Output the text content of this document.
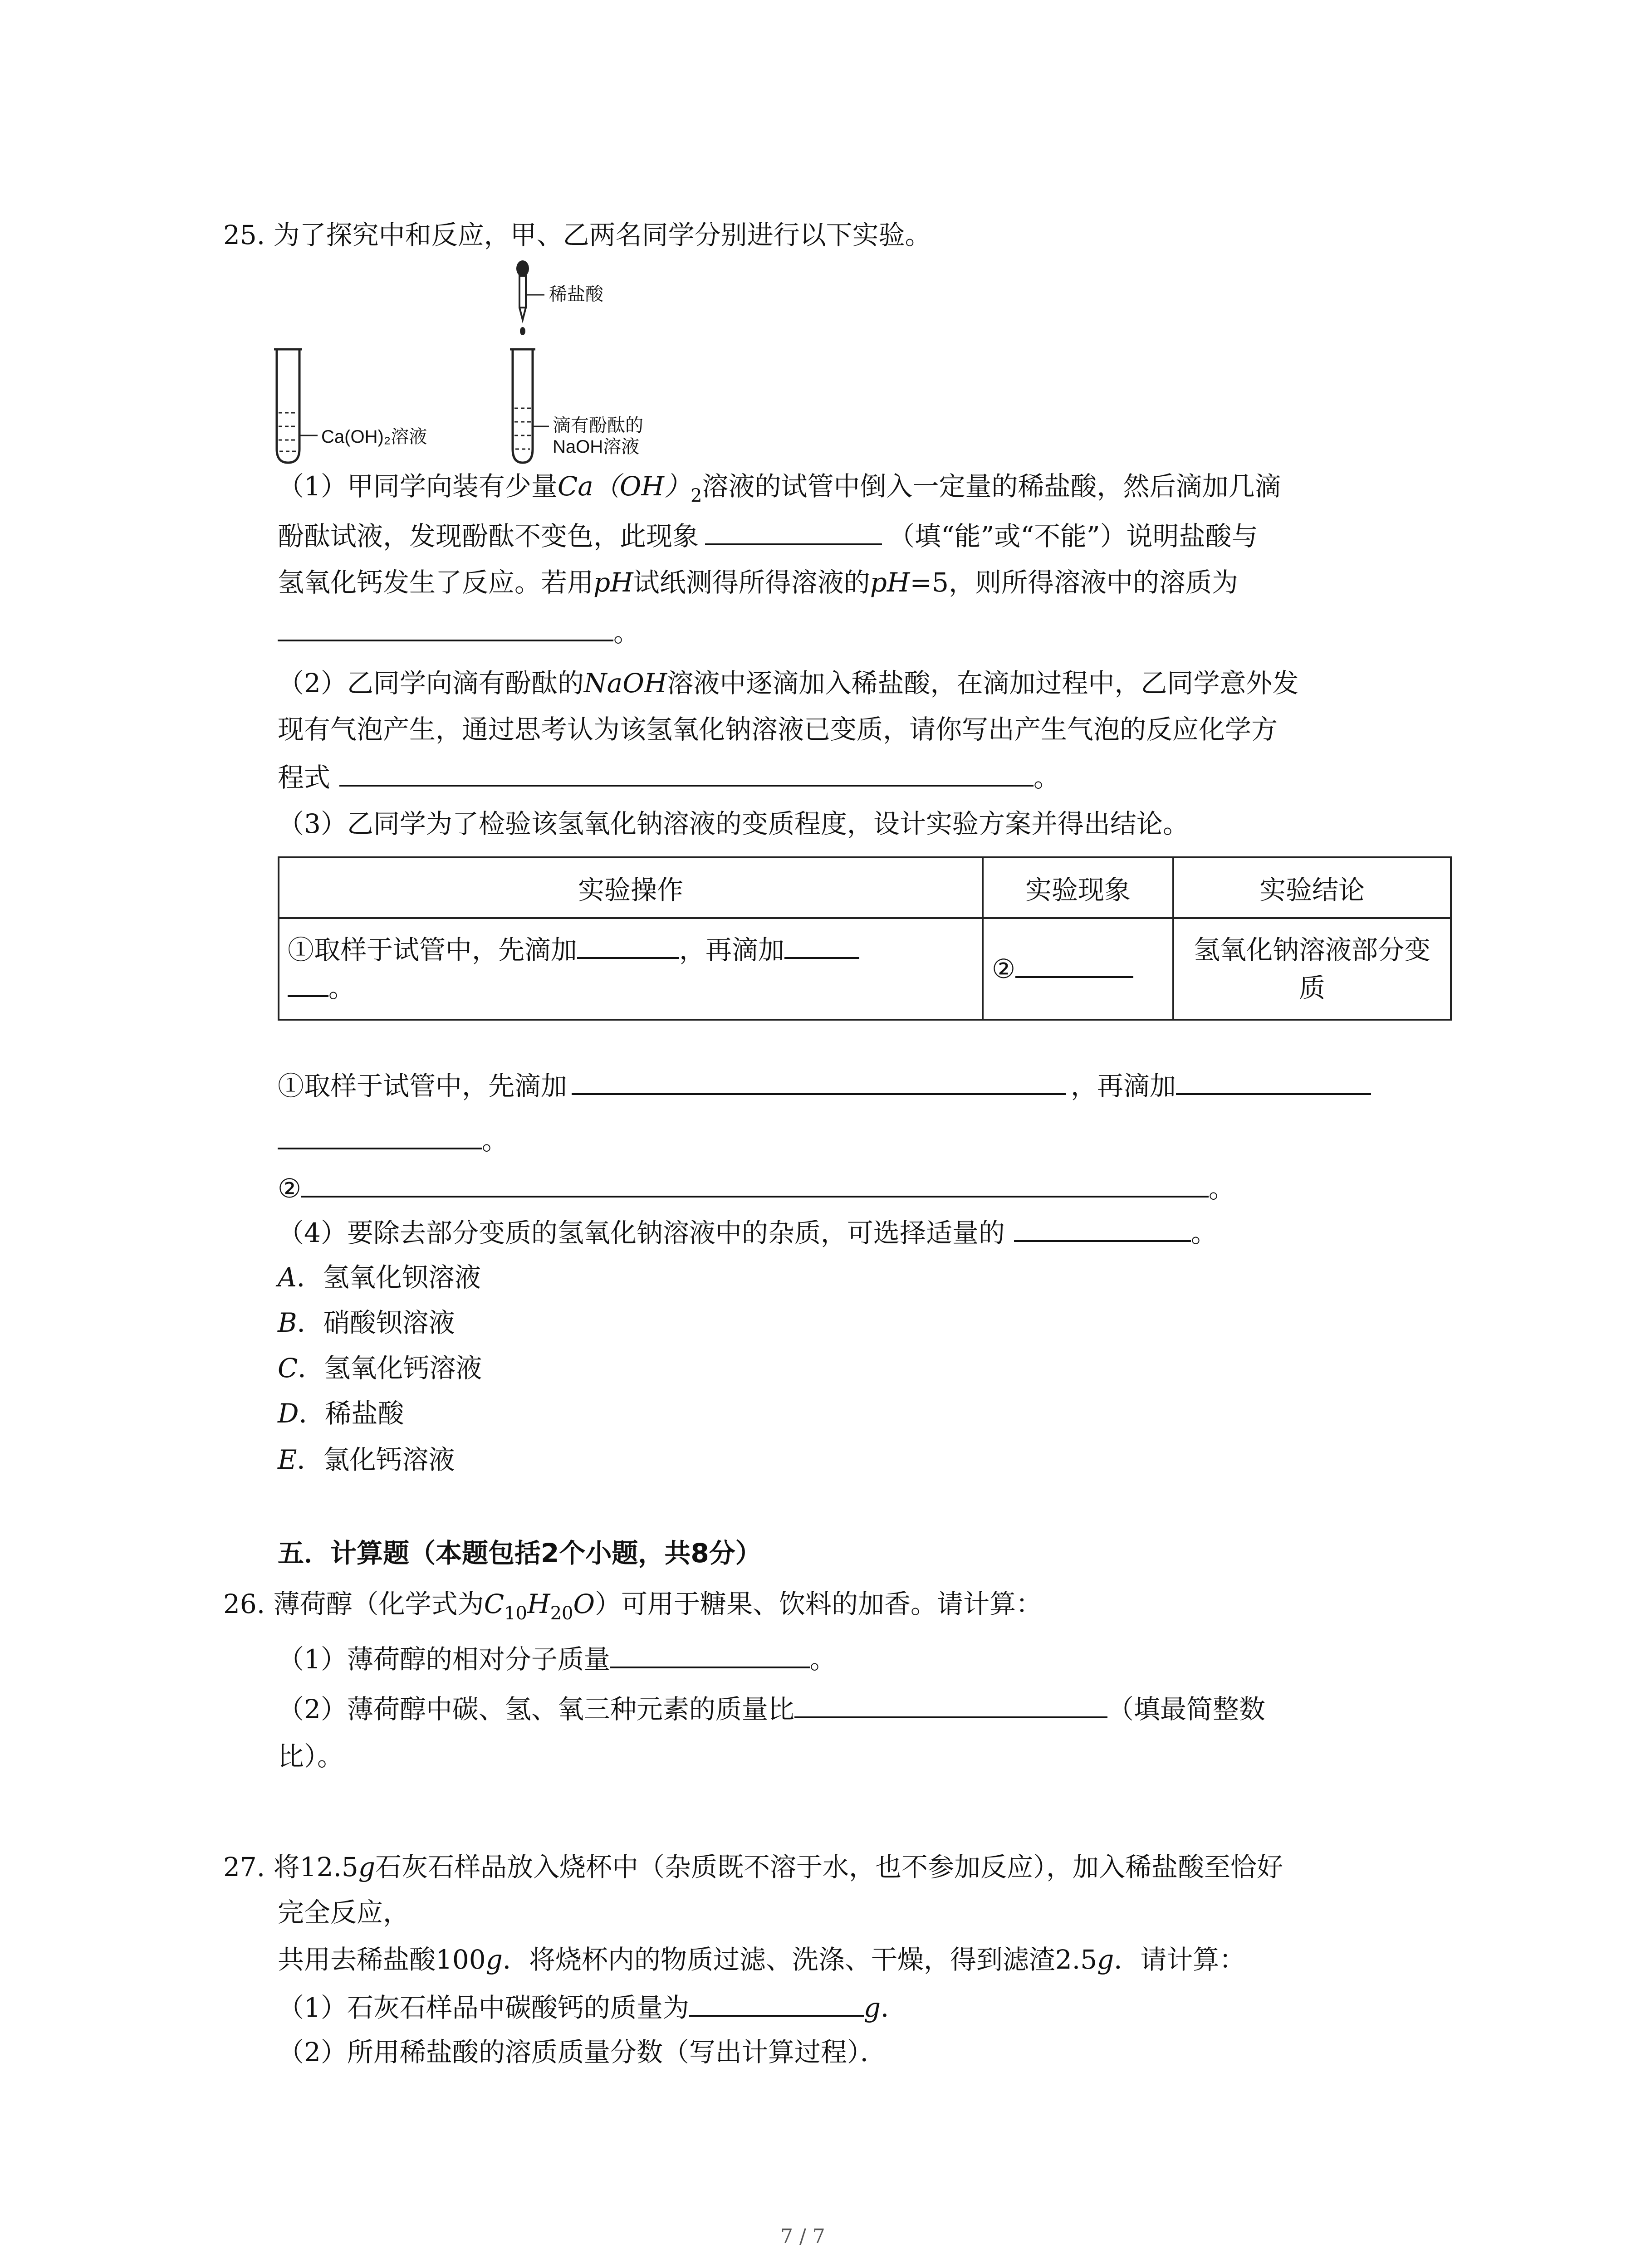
25. 为了探究中和反应，甲、乙两名同学分别进行以下实验。
稀盐酸
Ca(OH)₂溶液
滴有酚酞的
NaOH溶液
（1）甲同学向装有少量$Ca(OH)_2$溶液的试管中倒入一定量的稀盐酸，然后滴加几滴
酚酞试液，发现酚酞不变色，此现象	（填“能”或“不能”）说明盐酸与
氢氧化钙发生了反应。若用pH试纸测得所得溶液的pH=5，则所得溶液中的溶质为
。
（2）乙同学向滴有酚酞的NaOH溶液中逐滴加入稀盐酸，在滴加过程中，乙同学意外发
现有气泡产生，通过思考认为该氢氧化钠溶液已变质，请你写出产生气泡的反应化学方
程式	。
（3）乙同学为了检验该氢氧化钠溶液的变质程度，设计实验方案并得出结论。
实验操作	实验现象	实验结论
①取样于试管中，先滴加 ，再滴加
。	②	氢氧化钠溶液部分变质
①取样于试管中，先滴加	，再滴加
。
②	。
（4）要除去部分变质的氢氧化钠溶液中的杂质，可选择适量的	。
A．氢氧化钡溶液
B．硝酸钡溶液
C．氢氧化钙溶液
D．稀盐酸
E．氯化钙溶液
五．计算题（本题包括2个小题，共8分）
26. 薄荷醇（化学式为$C_{10}H_{20}O$）可用于糖果、饮料的加香。请计算：
（1）薄荷醇的相对分子质量	。
（2）薄荷醇中碳、氢、氧三种元素的质量比	（填最简整数
比）。
27. 将12.5g石灰石样品放入烧杯中（杂质既不溶于水，也不参加反应），加入稀盐酸至恰好
完全反应，
共用去稀盐酸100g．将烧杯内的物质过滤、洗涤、干燥，得到滤渣2.5g．请计算：
（1）石灰石样品中碳酸钙的质量为	g．
（2）所用稀盐酸的溶质质量分数（写出计算过程）．
7 / 7
